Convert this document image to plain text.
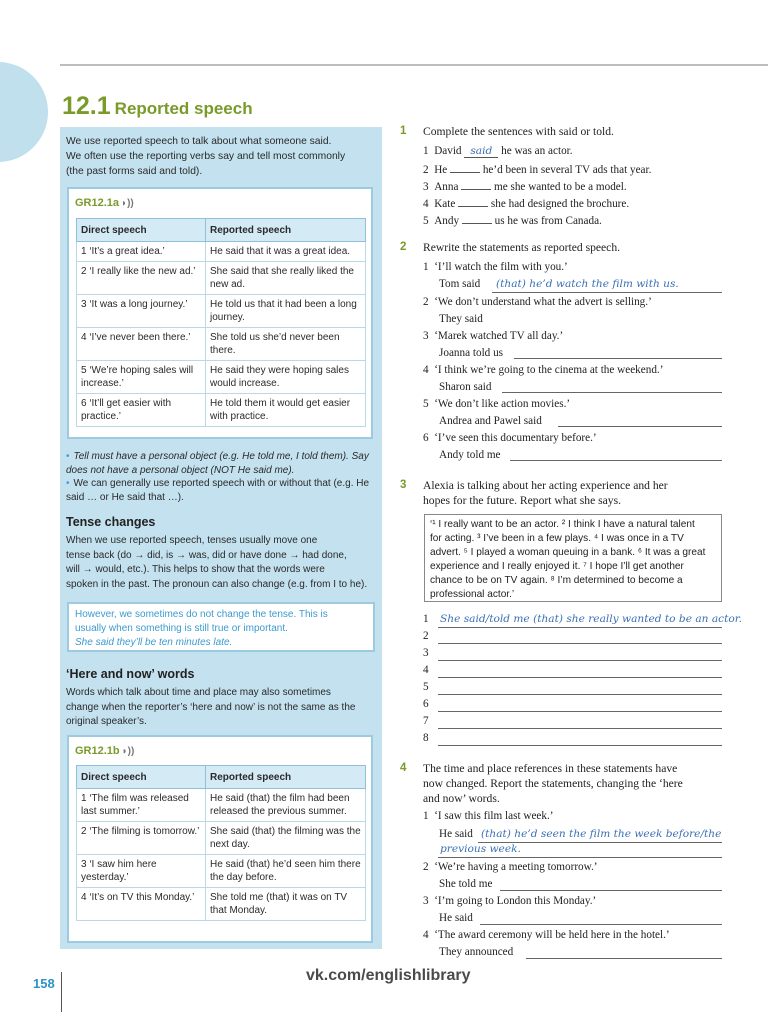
12.1 Reported speech
We use reported speech to talk about what someone said.
We often use the reporting verbs say and tell most commonly
(the past forms said and told).
GR12.1a ◗))
Direct speech	Reported speech
1 ‘It’s a great idea.’	He said that it was a great idea.
2 ‘I really like the new ad.’	She said that she really liked the new ad.
3 ‘It was a long journey.’	He told us that it had been a long journey.
4 ‘I’ve never been there.’	She told us she’d never been there.
5 ‘We’re hoping sales will increase.’	He said they were hoping sales would increase.
6 ‘It’ll get easier with practice.’	He told them it would get easier with practice.
• Tell must have a personal object (e.g. He told me, I told them). Say does not have a personal object (NOT He said me).
• We can generally use reported speech with or without that (e.g. He said … or He said that …).
Tense changes
When we use reported speech, tenses usually move one
tense back (do → did, is → was, did or have done → had done,
will → would, etc.). This helps to show that the words were
spoken in the past. The pronoun can also change (e.g. from I to he).
However, we sometimes do not change the tense. This is
usually when something is still true or important.
She said they’ll be ten minutes late.
‘Here and now’ words
Words which talk about time and place may also sometimes
change when the reporter’s ‘here and now’ is not the same as the
original speaker’s.
GR12.1b ◗))
Direct speech	Reported speech
1 ‘The film was released last summer.’	He said (that) the film had been released the previous summer.
2 ‘The filming is tomorrow.’	She said (that) the filming was the next day.
3 ‘I saw him here yesterday.’	He said (that) he’d seen him there the day before.
4 ‘It’s on TV this Monday.’	She told me (that) it was on TV that Monday.
1 Complete the sentences with said or told.
1 David said he was an actor.
2 He	he’d been in several TV ads that year.
3 Anna	me she wanted to be a model.
4 Kate	she had designed the brochure.
5 Andy	us he was from Canada.
2 Rewrite the statements as reported speech.
1 ‘I’ll watch the film with you.’
Tom said (that) he’d watch the film with us.
2 ‘We don’t understand what the advert is selling.’
They said
3 ‘Marek watched TV all day.’
Joanna told us
4 ‘I think we’re going to the cinema at the weekend.’
Sharon said
5 ‘We don’t like action movies.’
Andrea and Pawel said
6 ‘I’ve seen this documentary before.’
Andy told me
3 Alexia is talking about her acting experience and her
hopes for the future. Report what she says.
‘¹ I really want to be an actor. ² I think I have a natural talent
for acting. ³ I’ve been in a few plays. ⁴ I was once in a TV
advert. ⁵ I played a woman queuing in a bank. ⁶ It was a great
experience and I really enjoyed it. ⁷ I hope I’ll get another
chance to be on TV again. ⁸ I’m determined to become a
professional actor.’
1 She said/told me (that) she really wanted to be an actor.
2
3
4
5
6
7
8
4 The time and place references in these statements have
now changed. Report the statements, changing the ‘here
and now’ words.
1 ‘I saw this film last week.’
He said (that) he’d seen the film the week before/the
previous week.
2 ‘We’re having a meeting tomorrow.’
She told me
3 ‘I’m going to London this Monday.’
He said
4 ‘The award ceremony will be held here in the hotel.’
They announced
158	vk.com/englishlibrary
